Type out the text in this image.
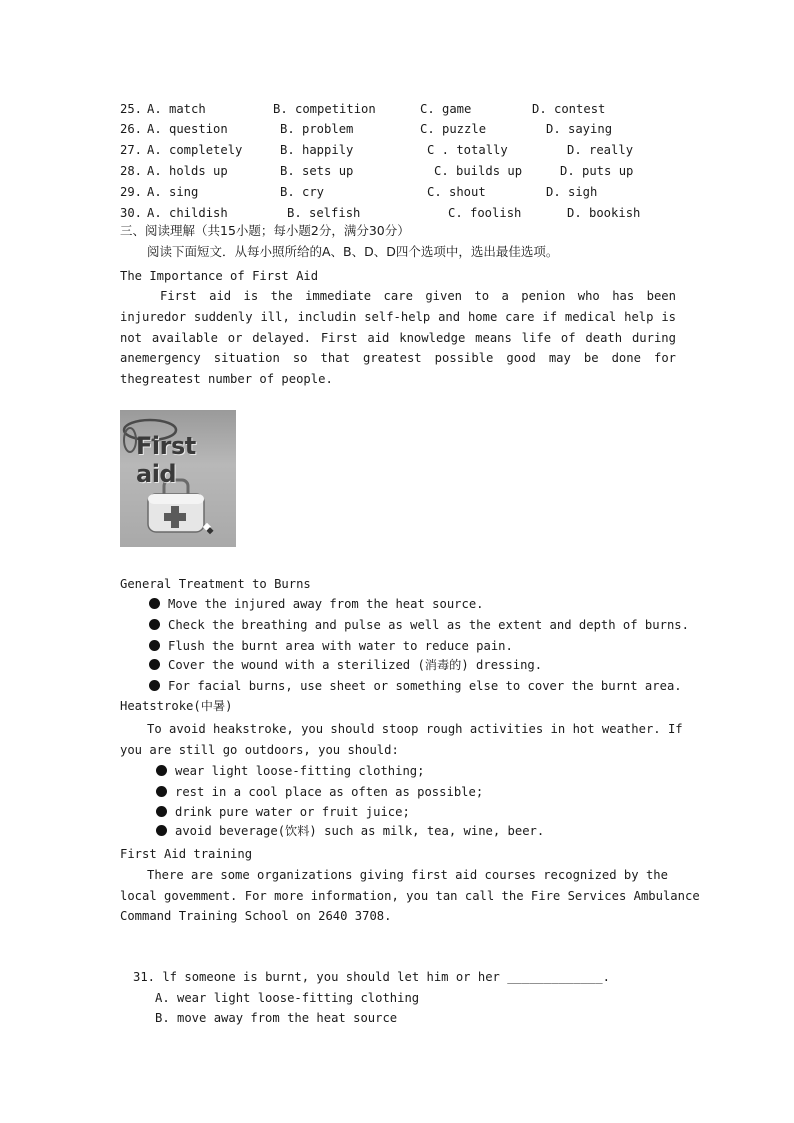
25. A. match	B. competition	C. game	D. contest
26. A. question	B. problem	C. puzzle	D. saying
27. A. completely	B. happily	C . totally	D. really
28. A. holds up	B. sets up	C. builds up	D. puts up
29. A. sing	B. cry	C. shout	D. sigh
30. A. childish	B. selfish	C. foolish	D. bookish
三、阅读理解（共15小题；每小题2分，满分30分）
阅读下面短文．从每小照所给的A、B、D、D四个选项中，选出最佳选项。
The Importance of First Aid
First aid is the immediate care given to a penion who has been injuredor suddenly ill, includin self-help and home care if medical help is not available or delayed. First aid knowledge means life of death during anemergency situation so that greatest possible good may be done for thegreatest number of people.
First aid
General Treatment to Burns
Move the injured away from the heat source.
Check the breathing and pulse as well as the extent and depth of burns.
Flush the burnt area with water to reduce pain.
Cover the wound with a sterilized (消毒的) dressing.
For facial burns, use sheet or something else to cover the burnt area.
Heatstroke(中暑)
To avoid heakstroke, you should stoop rough activities in hot weather. If
you are still go outdoors, you should:
wear light loose-fitting clothing;
rest in a cool place as often as possible;
drink pure water or fruit juice;
avoid beverage(饮料) such as milk, tea, wine, beer.
First Aid training
There are some organizations giving first aid courses recognized by the
local govemment. For more information, you tan call the Fire Services Ambulance
Command Training School on 2640 3708.
31. lf someone is burnt, you should let him or her _____________.
A. wear light loose-fitting clothing
B. move away from the heat source
